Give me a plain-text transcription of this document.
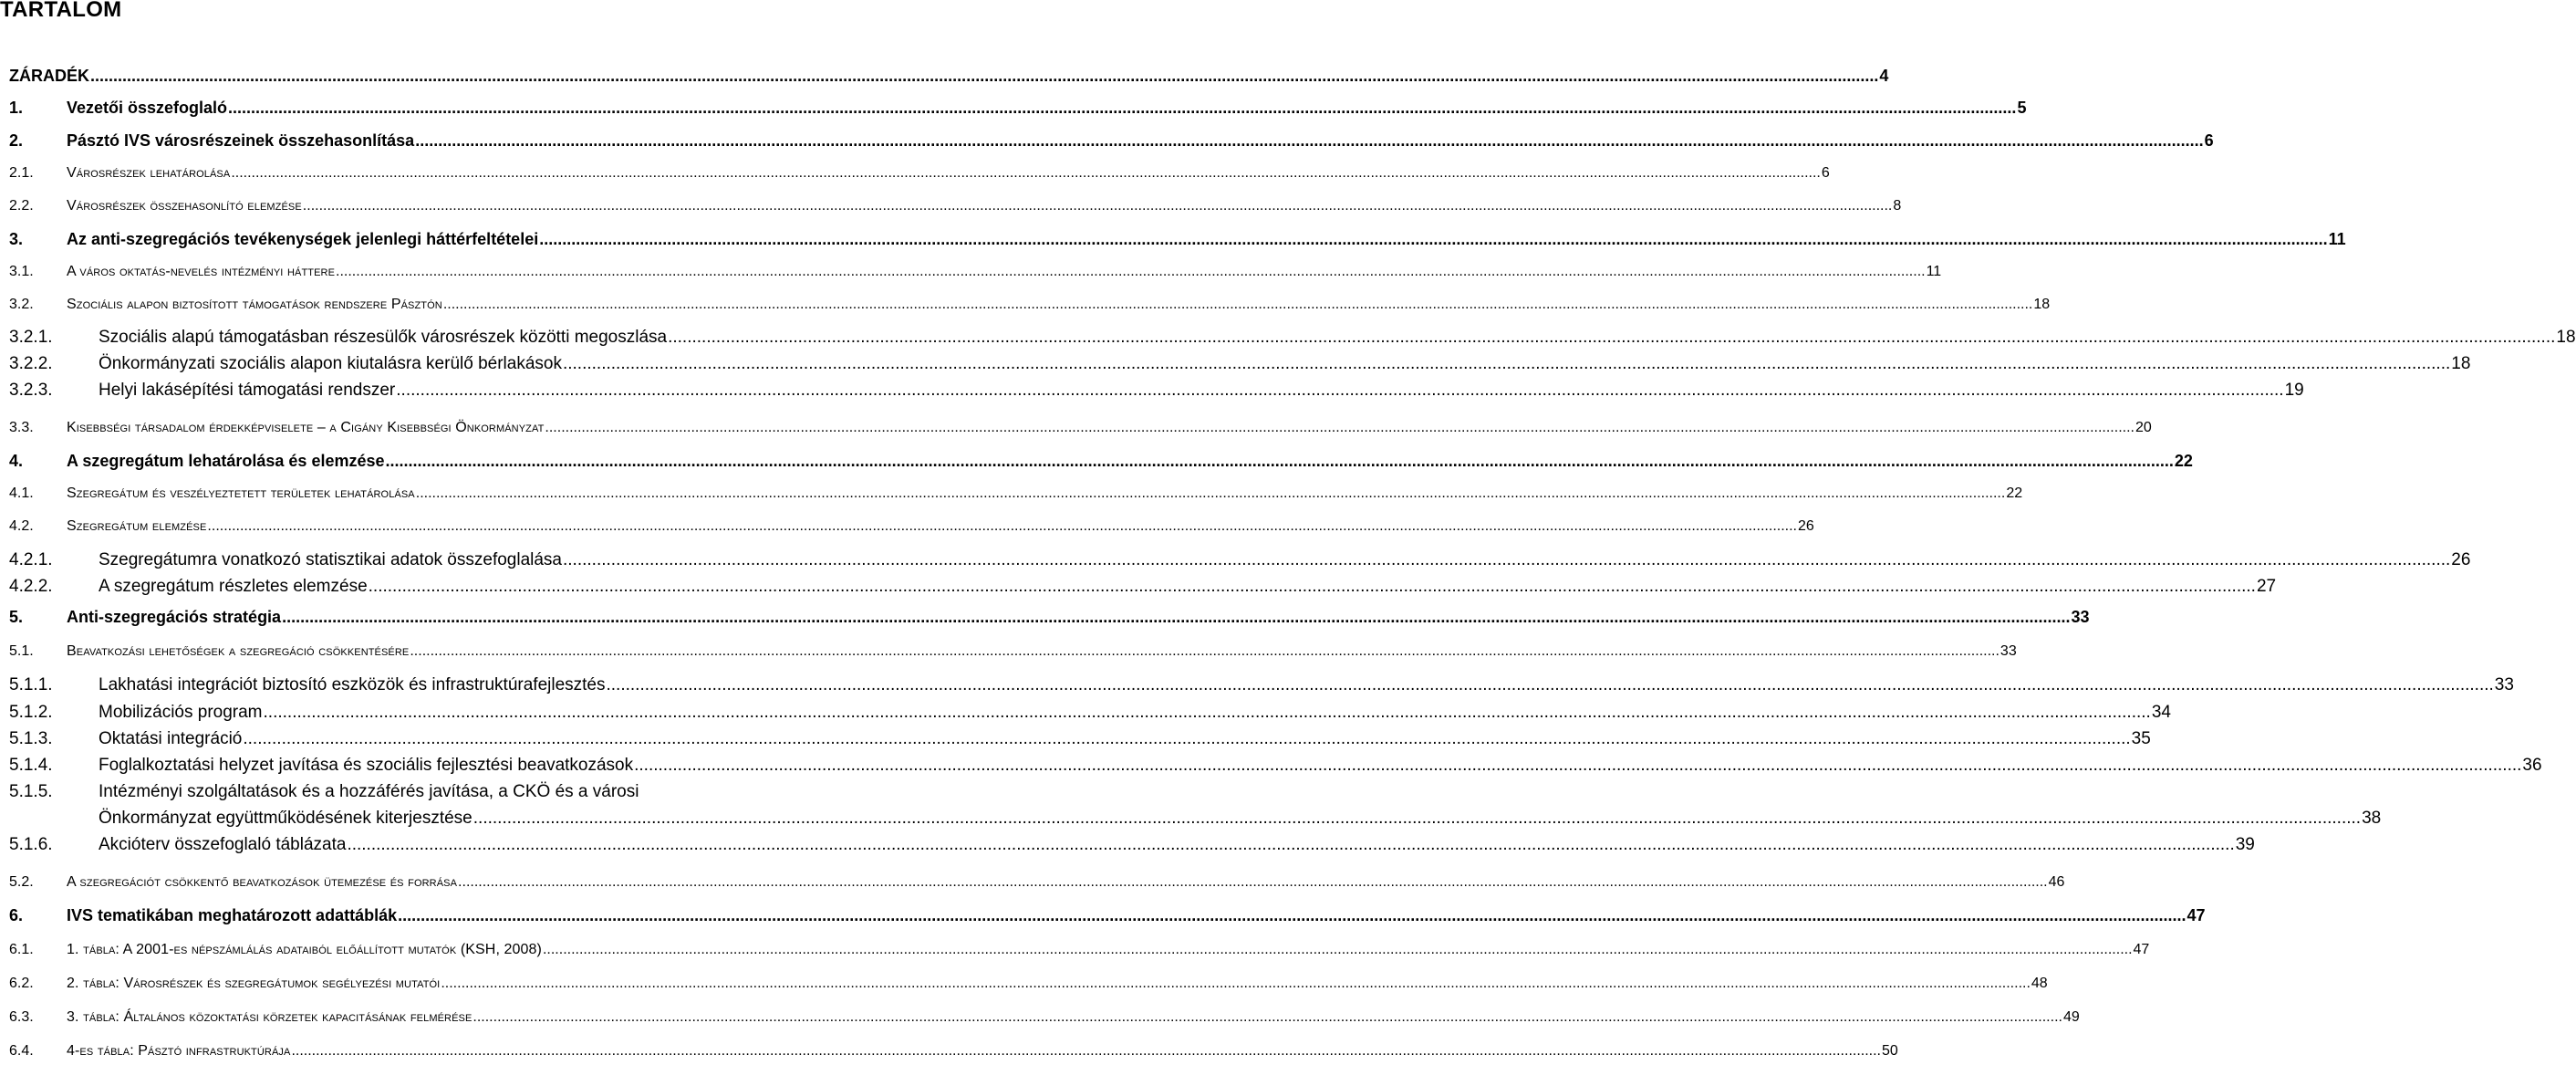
TARTALOM
ZÁRADÉK .....	4
1.	Vezetői összefoglaló .....	5
2.	Pásztó IVS városrészeinek összehasonlítása .....	6
2.1.	Városrészek lehatárolása .....	6
2.2.	Városrészek összehasonlító elemzése .....	8
3.	Az anti-szegregációs tevékenységek jelenlegi háttérfeltételei .....	11
3.1.	A város oktatás-nevelés intézményi háttere .....	11
3.2.	Szociális alapon biztosított támogatások rendszere Pásztón .....	18
3.2.1.	Szociális alapú támogatásban részesülők városrészek közötti megoszlása .....	18
3.2.2.	Önkormányzati szociális alapon kiutalásra kerülő bérlakások .....	18
3.2.3.	Helyi lakásépítési támogatási rendszer .....	19
3.3.	Kisebbségi társadalom érdekképviselete – a Cigány Kisebbségi Önkormányzat .....	20
4.	A szegregátum lehatárolása és elemzése .....	22
4.1.	Szegregátum és veszélyeztetett területek lehatárolása .....	22
4.2.	Szegregátum elemzése .....	26
4.2.1.	Szegregátumra vonatkozó statisztikai adatok összefoglalása .....	26
4.2.2.	A szegregátum részletes elemzése .....	27
5.	Anti-szegregációs stratégia .....	33
5.1.	Beavatkozási lehetőségek a szegregáció csökkentésére .....	33
5.1.1.	Lakhatási integrációt biztosító eszközök és infrastruktúrafejlesztés .....	33
5.1.2.	Mobilizációs program .....	34
5.1.3.	Oktatási integráció .....	35
5.1.4.	Foglalkoztatási helyzet javítása és szociális fejlesztési beavatkozások .....	36
5.1.5.	Intézményi szolgáltatások és a hozzáférés javítása, a CKÖ és a városi
Önkormányzat együttműködésének kiterjesztése .....	38
5.1.6.	Akcióterv összefoglaló táblázata .....	39
5.2.	A szegregációt csökkentő beavatkozások ütemezése és forrása .....	46
6.	IVS tematikában meghatározott adattáblák .....	47
6.1.	1. tábla: A 2001-es népszámlálás adataiból előállított mutatók (KSH, 2008) .....	47
6.2.	2. tábla: Városrészek és szegregátumok segélyezési mutatói .....	48
6.3.	3. tábla: Általános közoktatási körzetek kapacitásának felmérése .....	49
6.4.	4-es tábla: Pásztó infrastruktúrája .....	50
